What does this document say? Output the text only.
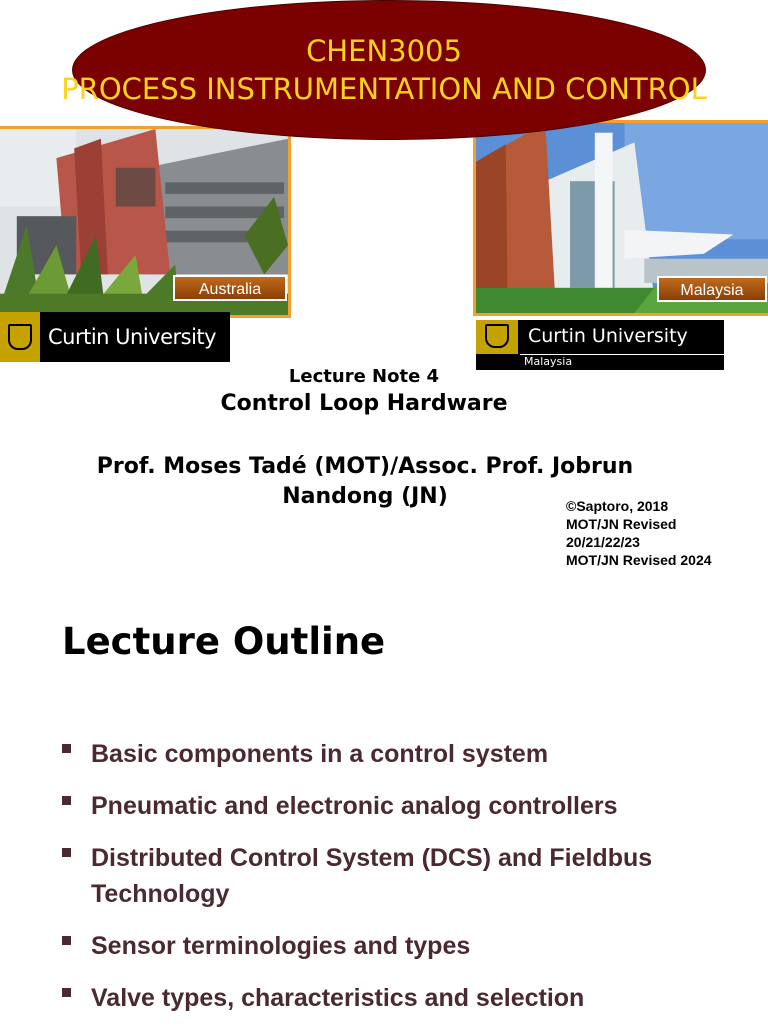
Australia	Malaysia
CHEN3005
PROCESS INSTRUMENTATION AND CONTROL
Curtin University	Curtin University
Malaysia
Lecture Note 4
Control Loop Hardware
Prof. Moses Tadé (MOT)/Assoc. Prof. Jobrun
Nandong (JN)	©Saptoro, 2018
MOT/JN Revised
20/21/22/23
MOT/JN Revised 2024
Lecture Outline
Basic components in a control system
Pneumatic and electronic analog controllers
Distributed Control System (DCS) and Fieldbus Technology
Sensor terminologies and types
Valve types, characteristics and selection
